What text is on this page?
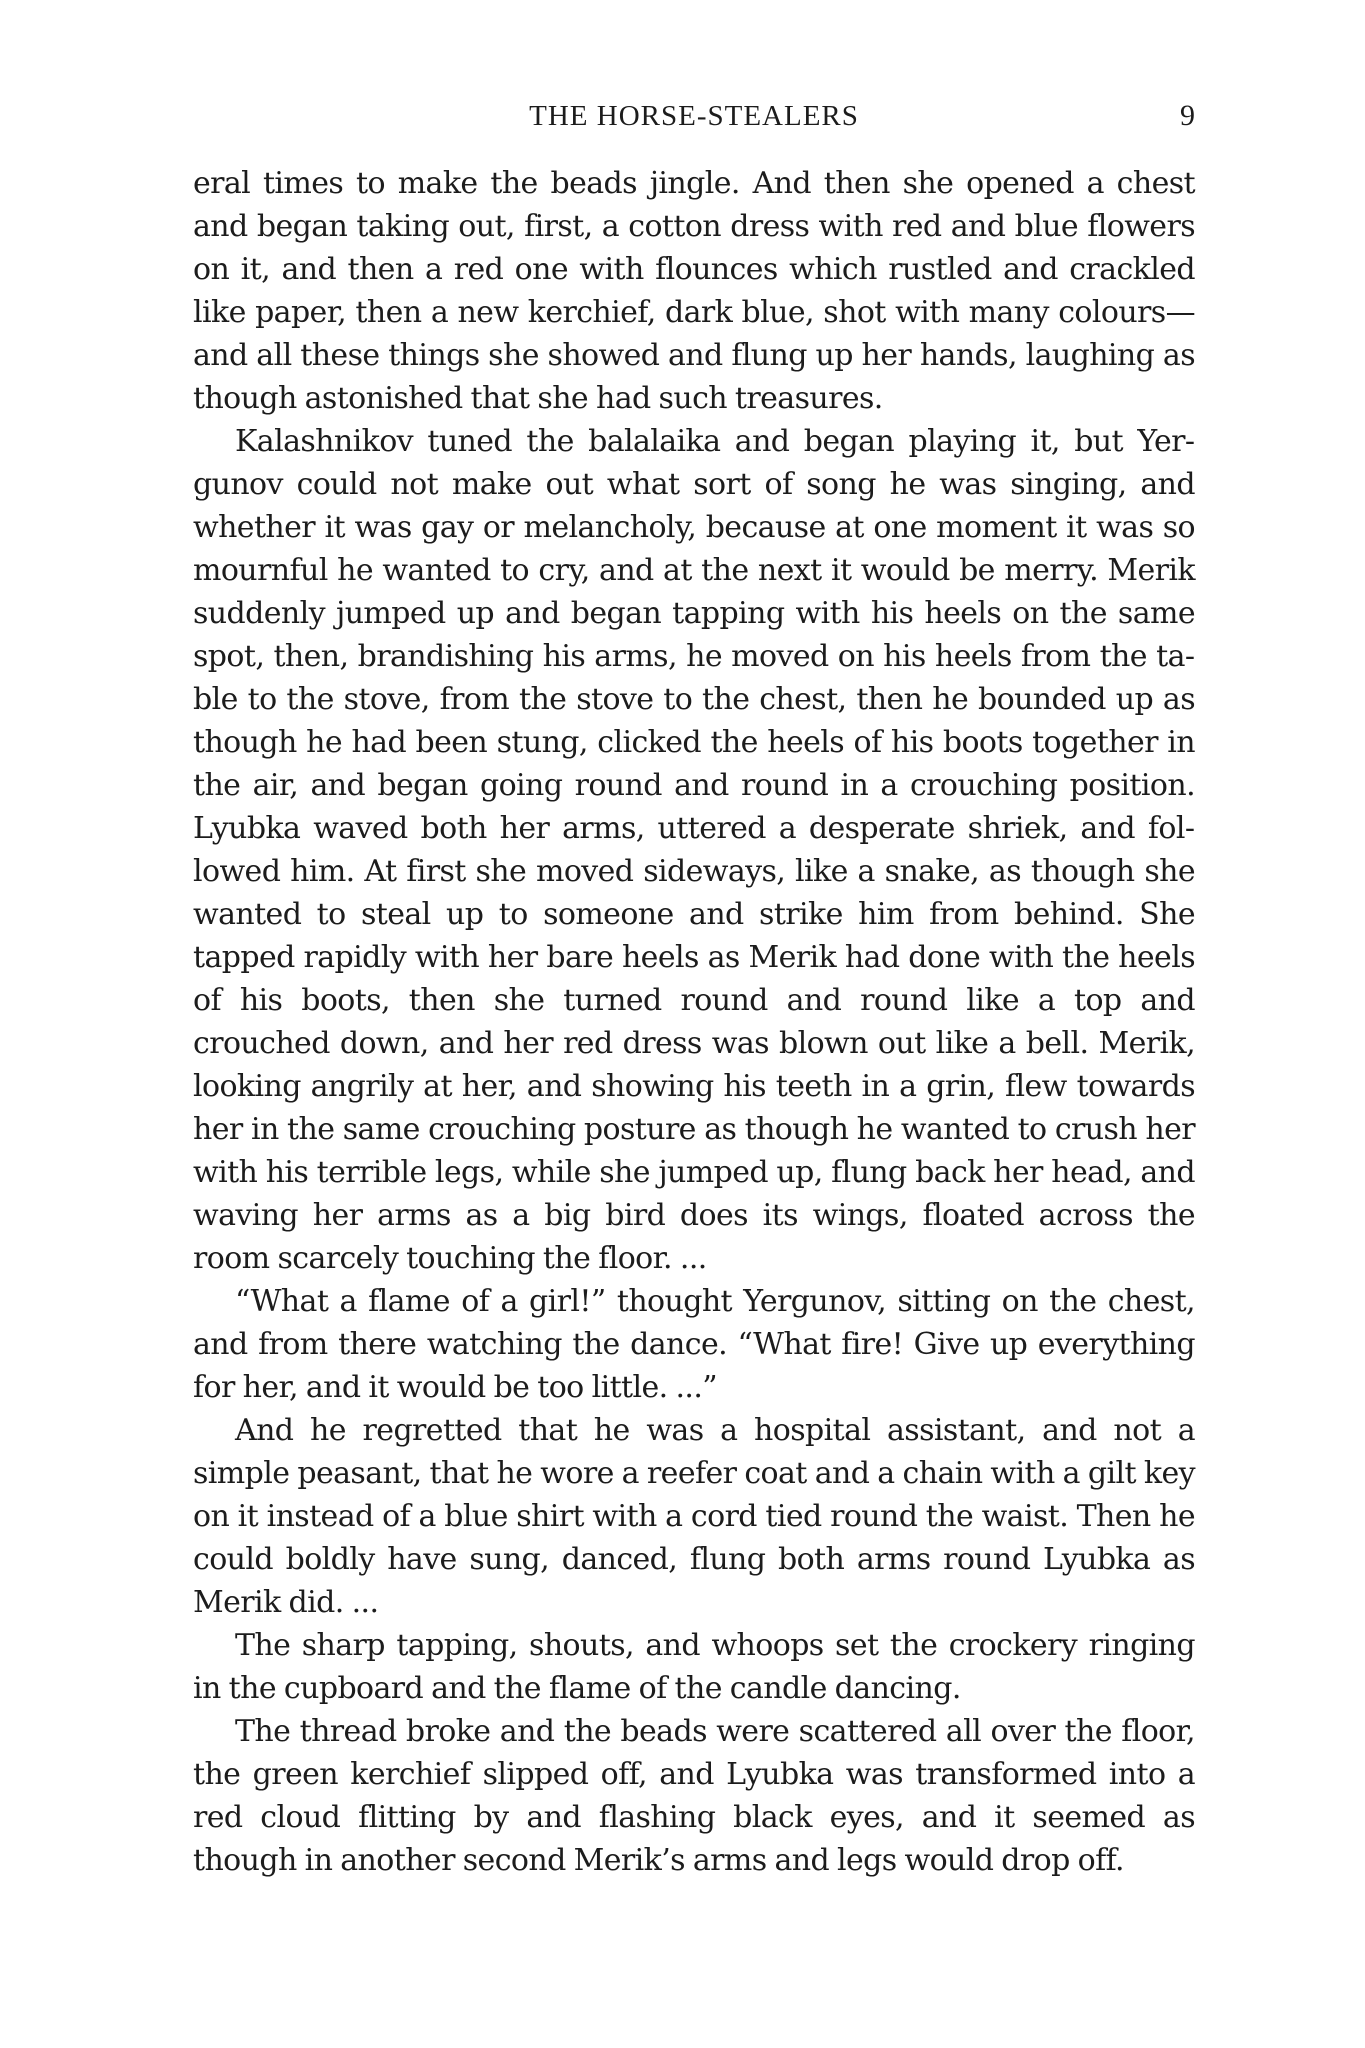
THE HORSE-STEALERS	9

eral times to make the beads jingle. And then she opened a chest and began taking out, first, a cotton dress with red and blue flowers on it, and then a red one with flounces which rustled and crackled like paper, then a new kerchief, dark blue, shot with many colours—and all these things she showed and flung up her hands, laughing as though astonished that she had such treasures.

Kalashnikov tuned the balalaika and began playing it, but Yergunov could not make out what sort of song he was singing, and whether it was gay or melancholy, because at one moment it was so mournful he wanted to cry, and at the next it would be merry. Merik suddenly jumped up and began tapping with his heels on the same spot, then, brandishing his arms, he moved on his heels from the table to the stove, from the stove to the chest, then he bounded up as though he had been stung, clicked the heels of his boots together in the air, and began going round and round in a crouching position. Lyubka waved both her arms, uttered a desperate shriek, and followed him. At first she moved sideways, like a snake, as though she wanted to steal up to someone and strike him from behind. She tapped rapidly with her bare heels as Merik had done with the heels of his boots, then she turned round and round like a top and crouched down, and her red dress was blown out like a bell. Merik, looking angrily at her, and showing his teeth in a grin, flew towards her in the same crouching posture as though he wanted to crush her with his terrible legs, while she jumped up, flung back her head, and waving her arms as a big bird does its wings, floated across the room scarcely touching the floor. ...

“What a flame of a girl!” thought Yergunov, sitting on the chest, and from there watching the dance. “What fire! Give up everything for her, and it would be too little. ...”

And he regretted that he was a hospital assistant, and not a simple peasant, that he wore a reefer coat and a chain with a gilt key on it instead of a blue shirt with a cord tied round the waist. Then he could boldly have sung, danced, flung both arms round Lyubka as Merik did. ...

The sharp tapping, shouts, and whoops set the crockery ringing in the cupboard and the flame of the candle dancing.

The thread broke and the beads were scattered all over the floor, the green kerchief slipped off, and Lyubka was transformed into a red cloud flitting by and flashing black eyes, and it seemed as though in another second Merik’s arms and legs would drop off.
